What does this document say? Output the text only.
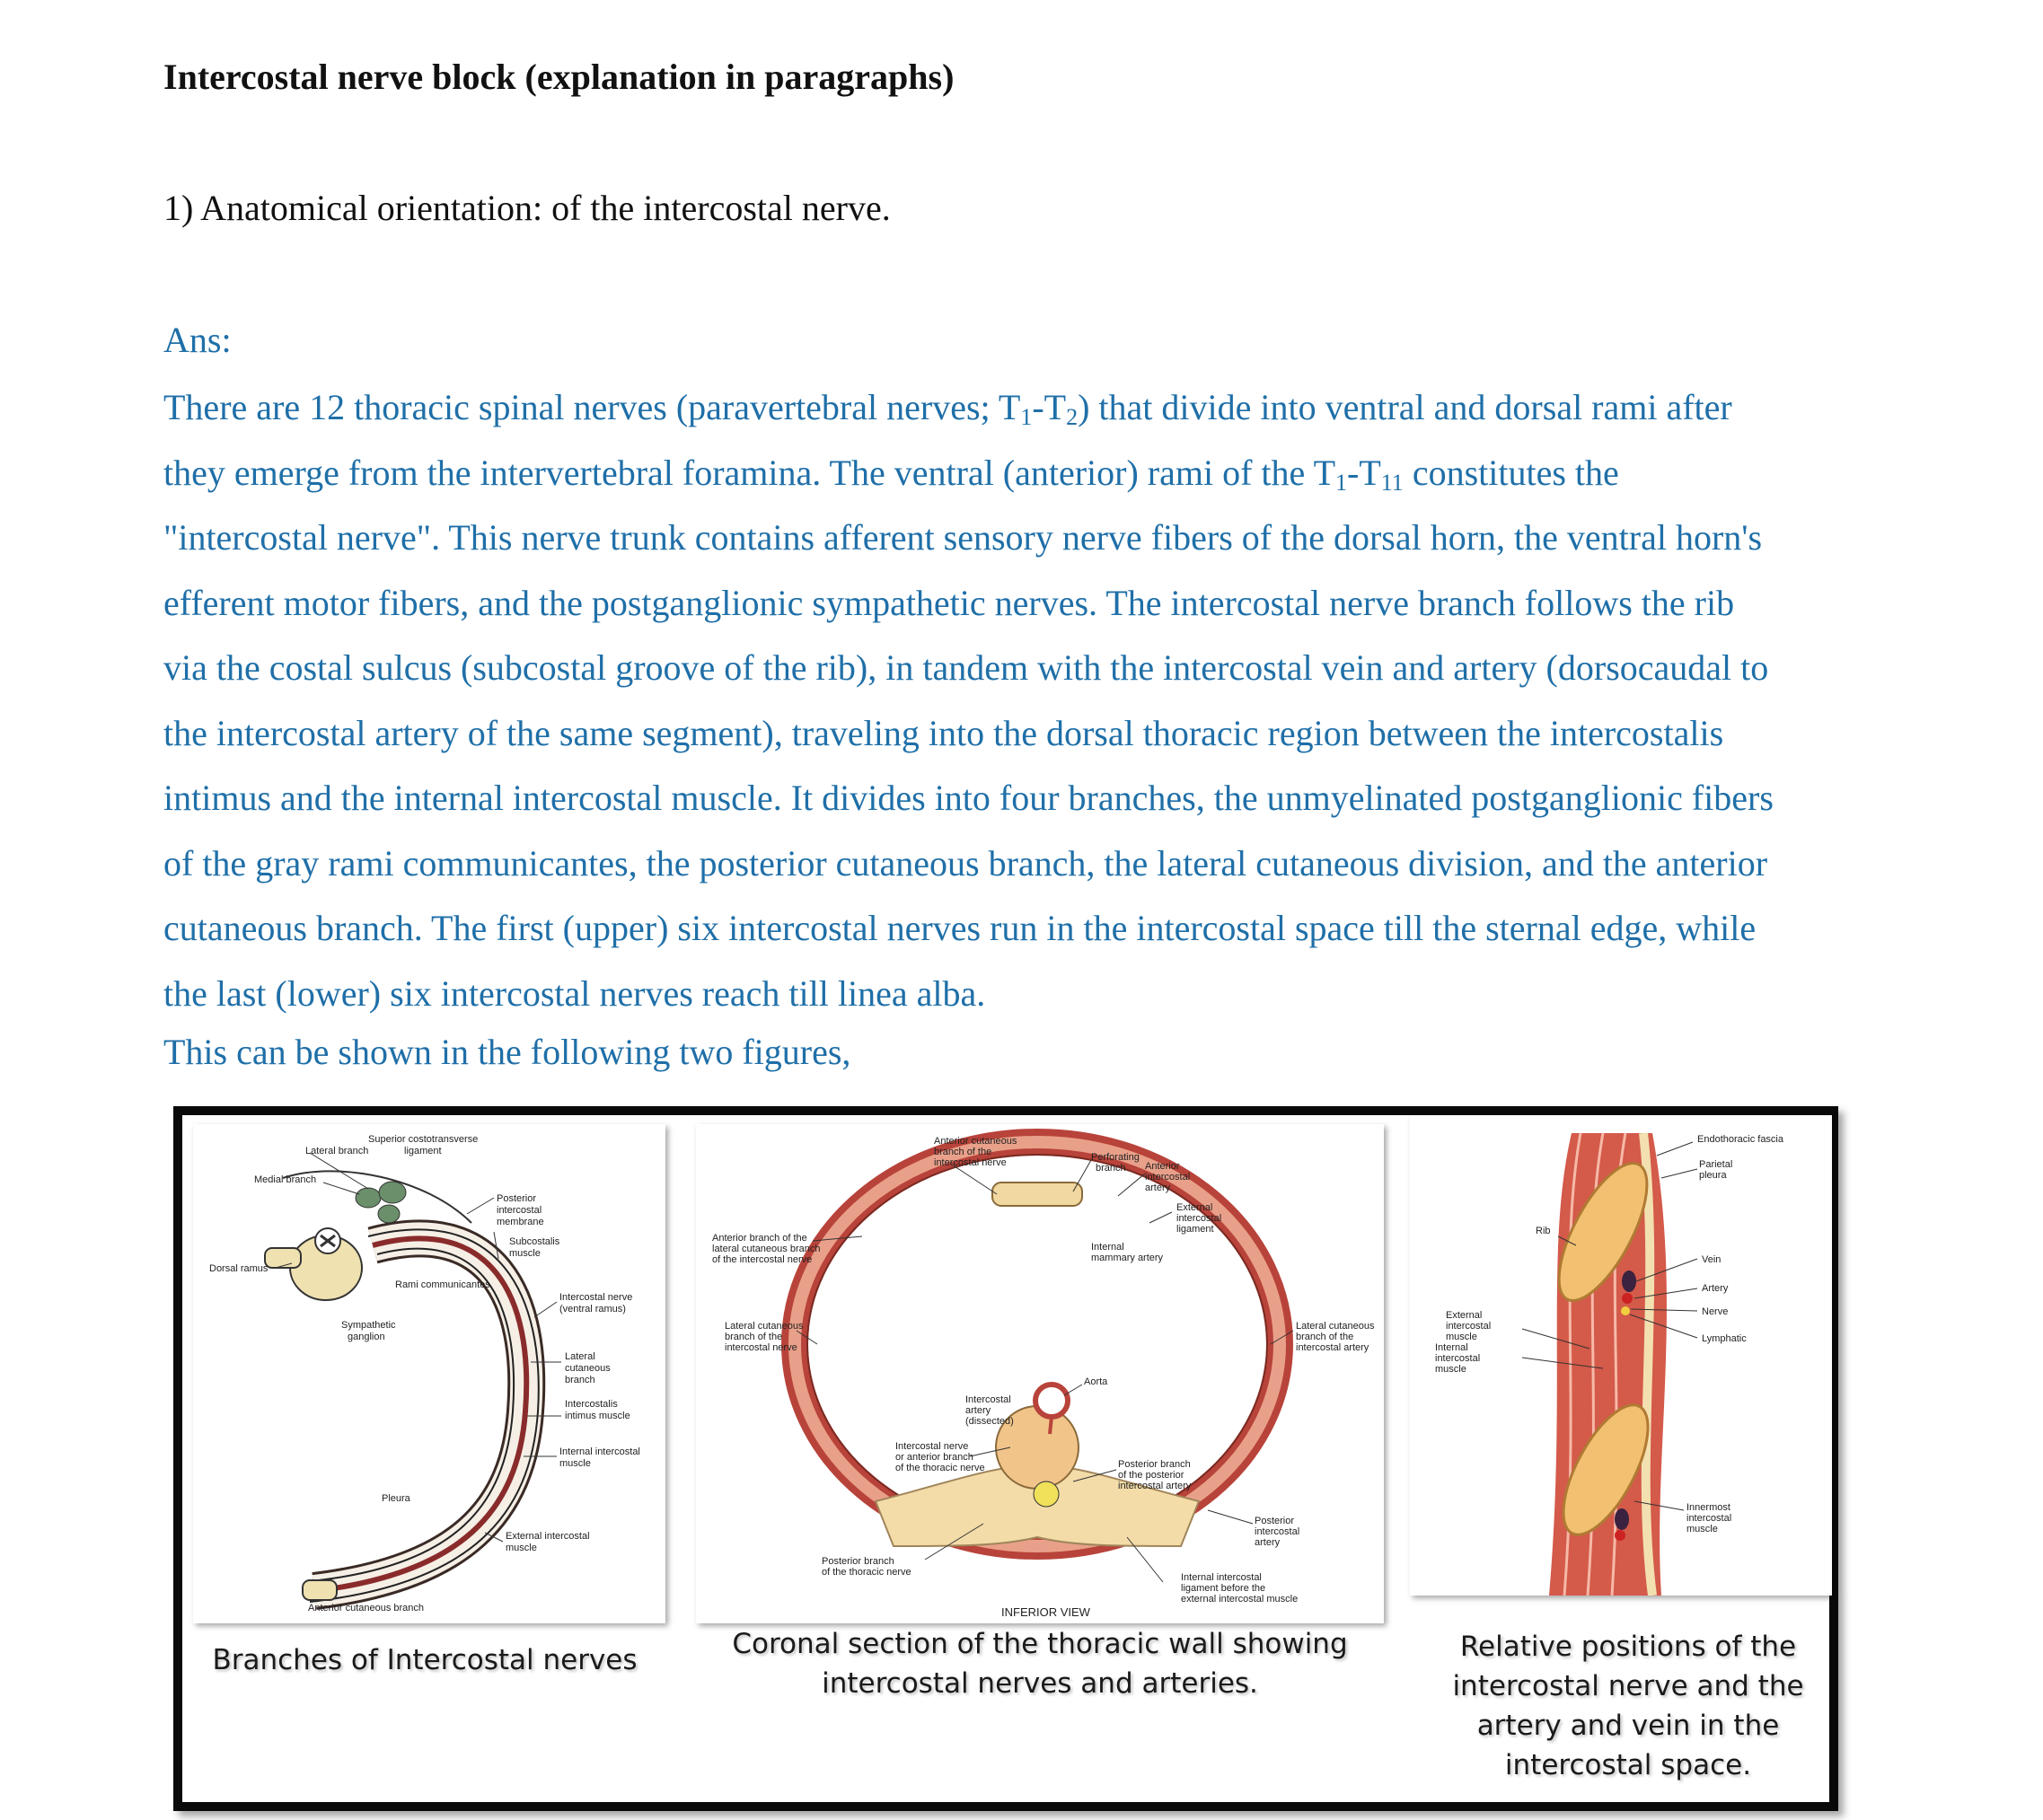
Intercostal nerve block (explanation in paragraphs)
1) Anatomical orientation: of the intercostal nerve.
Ans:
There are 12 thoracic spinal nerves (paravertebral nerves; $T_1-T_2$) that divide into ventral and dorsal rami after
they emerge from the intervertebral foramina. The ventral (anterior) rami of the $T_1-T_{11}$ constitutes the
"intercostal nerve". This nerve trunk contains afferent sensory nerve fibers of the dorsal horn, the ventral horn's
efferent motor fibers, and the postganglionic sympathetic nerves. The intercostal nerve branch follows the rib
via the costal sulcus (subcostal groove of the rib), in tandem with the intercostal vein and artery (dorsocaudal to
the intercostal artery of the same segment), traveling into the dorsal thoracic region between the intercostalis
intimus and the internal intercostal muscle. It divides into four branches, the unmyelinated postganglionic fibers
of the gray rami communicantes, the posterior cutaneous branch, the lateral cutaneous division, and the anterior
cutaneous branch. The first (upper) six intercostal nerves run in the intercostal space till the sternal edge, while
the last (lower) six intercostal nerves reach till linea alba.
This can be shown in the following two figures,
Superior costotransverse
ligament
Lateral branch
Medial branch
Dorsal ramus
Rami communicantes
Sympathetic
ganglion
Posterior
intercostal
membrane
Subcostalis
muscle
Intercostal nerve
(ventral ramus)
Lateral
cutaneous
branch
Intercostalis
intimus muscle
Internal intercostal
muscle
Pleura
External intercostal
muscle
Anterior cutaneous branch
Branches of Intercostal nerves
Anterior cutaneous
branch of the
intercostal nerve	Perforating
branch Anterior
intercostal
artery
External
intercostal
ligament
Internal
mammary artery
Anterior branch of the
lateral cutaneous branch
of the intercostal nerve
Lateral cutaneous
branch of the
intercostal nerve
Lateral cutaneous
branch of the
intercostal artery
Aorta
Intercostal
artery
(dissected)
Intercostal nerve
or anterior branch
of the thoracic nerve	Posterior branch
of the posterior
intercostal artery
Posterior
intercostal
artery
Posterior branch
of the thoracic nerve	Internal intercostal
ligament before the
external intercostal muscle
INFERIOR VIEW
Coronal section of the thoracic wall showing
intercostal nerves and arteries.
Endothoracic fascia
Parietal
pleura
Rib
Vein
Artery
Nerve
Lymphatic
External
intercostal
muscle
Internal
intercostal
muscle
Innermost
intercostal
muscle
Relative positions of the
intercostal nerve and the
artery and vein in the
intercostal space.
